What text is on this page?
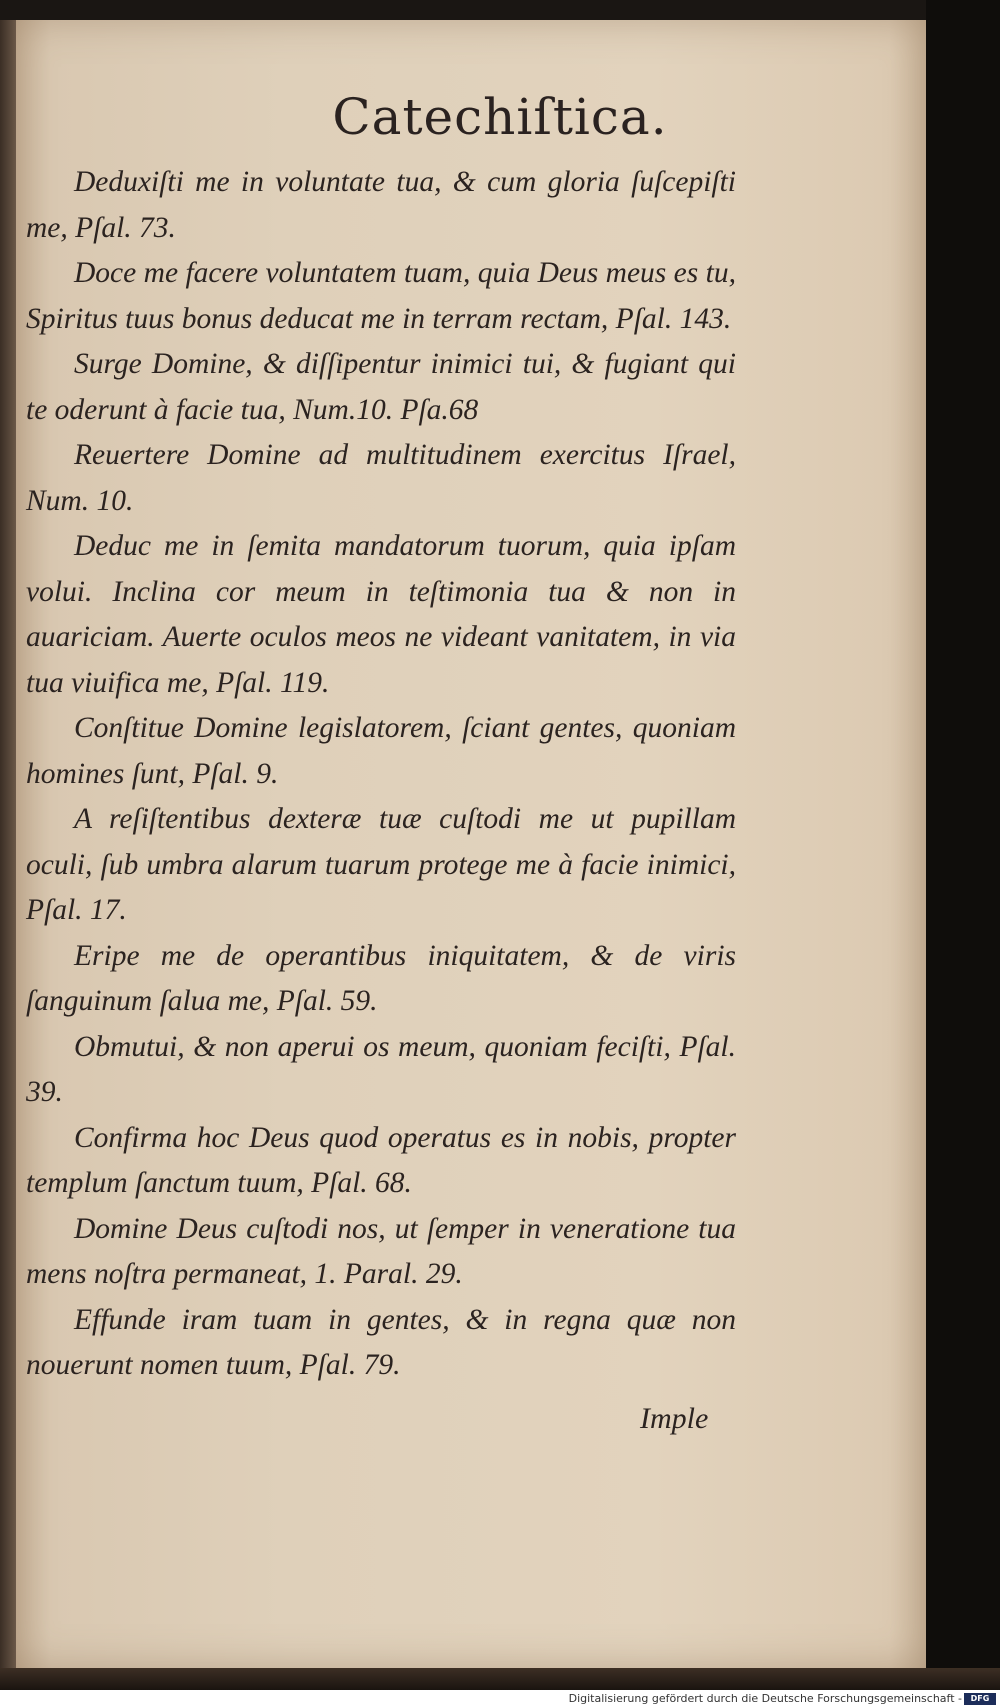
Catechiſtica.

Deduxiſti me in voluntate tua, & cum gloria ſuſcepiſti me, Pſal. 73.

Doce me facere voluntatem tuam, quia Deus meus es tu, Spiritus tuus bonus deducat me in terram rectam, Pſal. 143.

Surge Domine, & diſſipentur inimici tui, & fugiant qui te oderunt à facie tua, Num.10. Pſa.68

Reuertere Domine ad multitudinem exercitus Iſrael, Num. 10.

Deduc me in ſemita mandatorum tuorum, quia ipſam volui. Inclina cor meum in teſtimonia tua & non in auariciam. Auerte oculos meos ne videant vanitatem, in via tua viuifica me, Pſal. 119.

Conſtitue Domine legislatorem, ſciant gentes, quoniam homines ſunt, Pſal. 9.

A reſiſtentibus dexteræ tuæ cuſtodi me ut pupillam oculi, ſub umbra alarum tuarum protege me à facie inimici, Pſal. 17.

Eripe me de operantibus iniquitatem, & de viris ſanguinum ſalua me, Pſal. 59.

Obmutui, & non aperui os meum, quoniam feciſti, Pſal. 39.

Confirma hoc Deus quod operatus es in nobis, propter templum ſanctum tuum, Pſal. 68.

Domine Deus cuſtodi nos, ut ſemper in veneratione tua mens noſtra permaneat, 1. Paral. 29.

Effunde iram tuam in gentes, & in regna quæ non nouerunt nomen tuum, Pſal. 79.

Imple
Digitalisierung gefördert durch die Deutsche Forschungsgemeinschaft -	DFG
